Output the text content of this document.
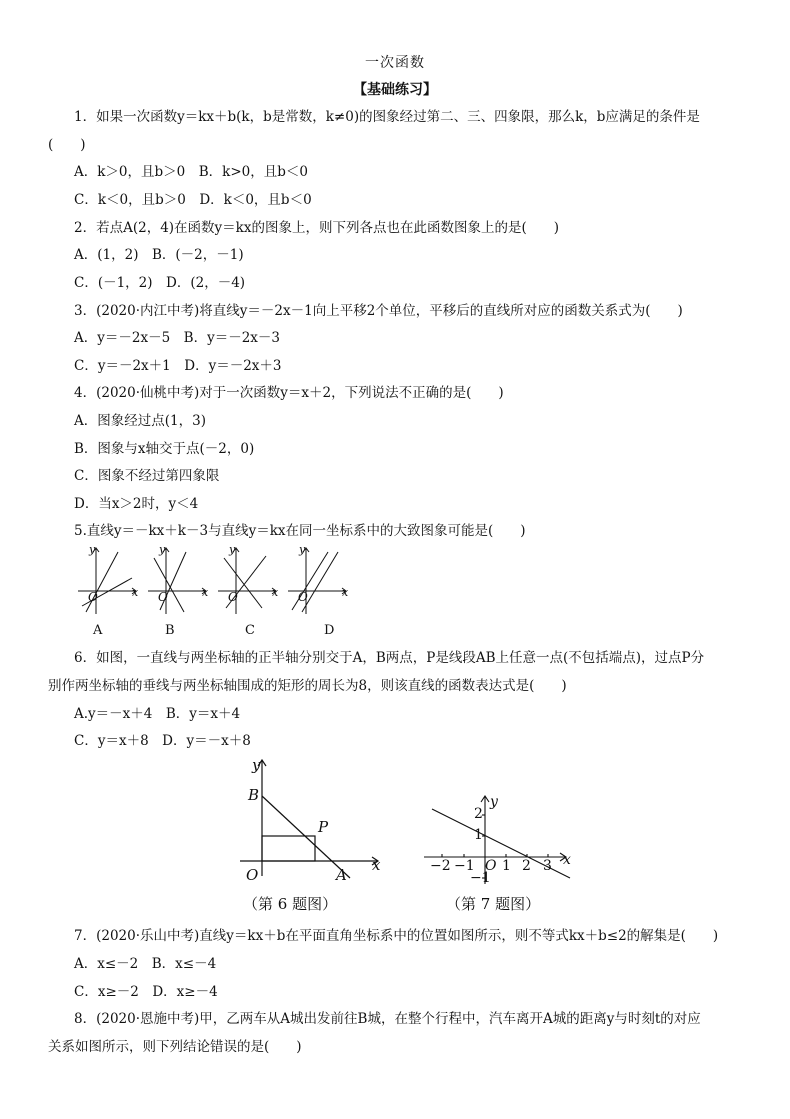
一次函数
【基础练习】
1．如果一次函数y＝kx＋b(k，b是常数，k≠0)的图象经过第二、三、四象限，那么k，b应满足的条件是
(　　)
A．k＞0，且b＞0　B．k>0，且b＜0
C．k＜0，且b＞0　D．k＜0，且b＜0
2．若点A(2，4)在函数y＝kx的图象上，则下列各点也在此函数图象上的是(　　)
A．(1，2)　B．(－2，－1)
C．(－1，2)　D．(2，－4)
3．(2020·内江中考)将直线y＝－2x－1向上平移2个单位，平移后的直线所对应的函数关系式为(　　)
A．y＝－2x－5　B．y＝－2x－3
C．y＝－2x＋1　D．y＝－2x＋3
4．(2020·仙桃中考)对于一次函数y＝x＋2，下列说法不正确的是(　　)
A．图象经过点(1，3)
B．图象与x轴交于点(－2，0)
C．图象不经过第四象限
D．当x＞2时，y＜4
5.直线y＝－kx＋k－3与直线y＝kx在同一坐标系中的大致图象可能是(　　)
y
O	x
y
O	x
y
O	x
y
O	x
A	B	C	D
6．如图，一直线与两坐标轴的正半轴分别交于A，B两点，P是线段AB上任意一点(不包括端点)，过点P分
别作两坐标轴的垂线与两坐标轴围成的矩形的周长为8，则该直线的函数表达式是(　　)
A.y＝－x＋4　B．y＝x＋4
C．y＝x＋8　D．y＝－x＋8
y
B
P
x
O	A
（第 6 题图）
y
2
1
−2 −1 O 1 2 3 x
−1
（第 7 题图）
7．(2020·乐山中考)直线y＝kx＋b在平面直角坐标系中的位置如图所示，则不等式kx＋b≤2的解集是(　　)
A．x≤－2　B．x≤－4
C．x≥－2　D．x≥－4
8．(2020·恩施中考)甲，乙两车从A城出发前往B城，在整个行程中，汽车离开A城的距离y与时刻t的对应
关系如图所示，则下列结论错误的是(　　)
